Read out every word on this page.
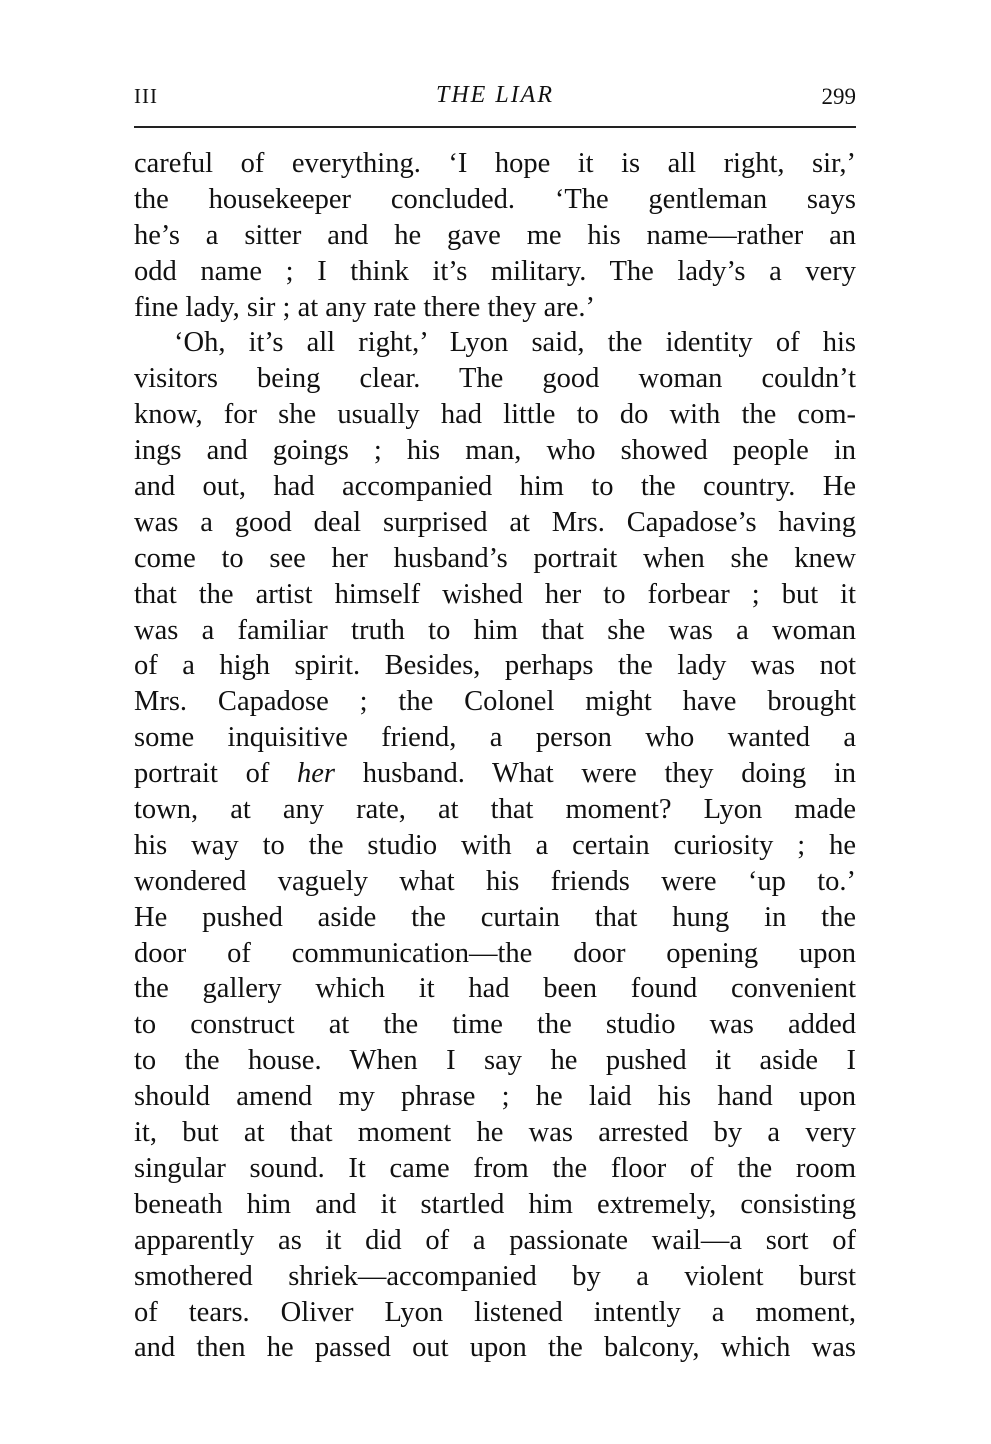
III	THE LIAR	299
careful of everything. ‘I hope it is all right, sir,’
the housekeeper concluded. ‘The gentleman says
he’s a sitter and he gave me his name—rather an
odd name ; I think it’s military. The lady’s a very
fine lady, sir ; at any rate there they are.’
‘Oh, it’s all right,’ Lyon said, the identity of his
visitors being clear. The good woman couldn’t
know, for she usually had little to do with the com-
ings and goings ; his man, who showed people in
and out, had accompanied him to the country. He
was a good deal surprised at Mrs. Capadose’s having
come to see her husband’s portrait when she knew
that the artist himself wished her to forbear ; but it
was a familiar truth to him that she was a woman
of a high spirit. Besides, perhaps the lady was not
Mrs. Capadose ; the Colonel might have brought
some inquisitive friend, a person who wanted a
portrait of her husband. What were they doing in
town, at any rate, at that moment? Lyon made
his way to the studio with a certain curiosity ; he
wondered vaguely what his friends were ‘up to.’
He pushed aside the curtain that hung in the
door of communication—the door opening upon
the gallery which it had been found convenient
to construct at the time the studio was added
to the house. When I say he pushed it aside I
should amend my phrase ; he laid his hand upon
it, but at that moment he was arrested by a very
singular sound. It came from the floor of the room
beneath him and it startled him extremely, consisting
apparently as it did of a passionate wail—a sort of
smothered shriek—accompanied by a violent burst
of tears. Oliver Lyon listened intently a moment,
and then he passed out upon the balcony, which was
